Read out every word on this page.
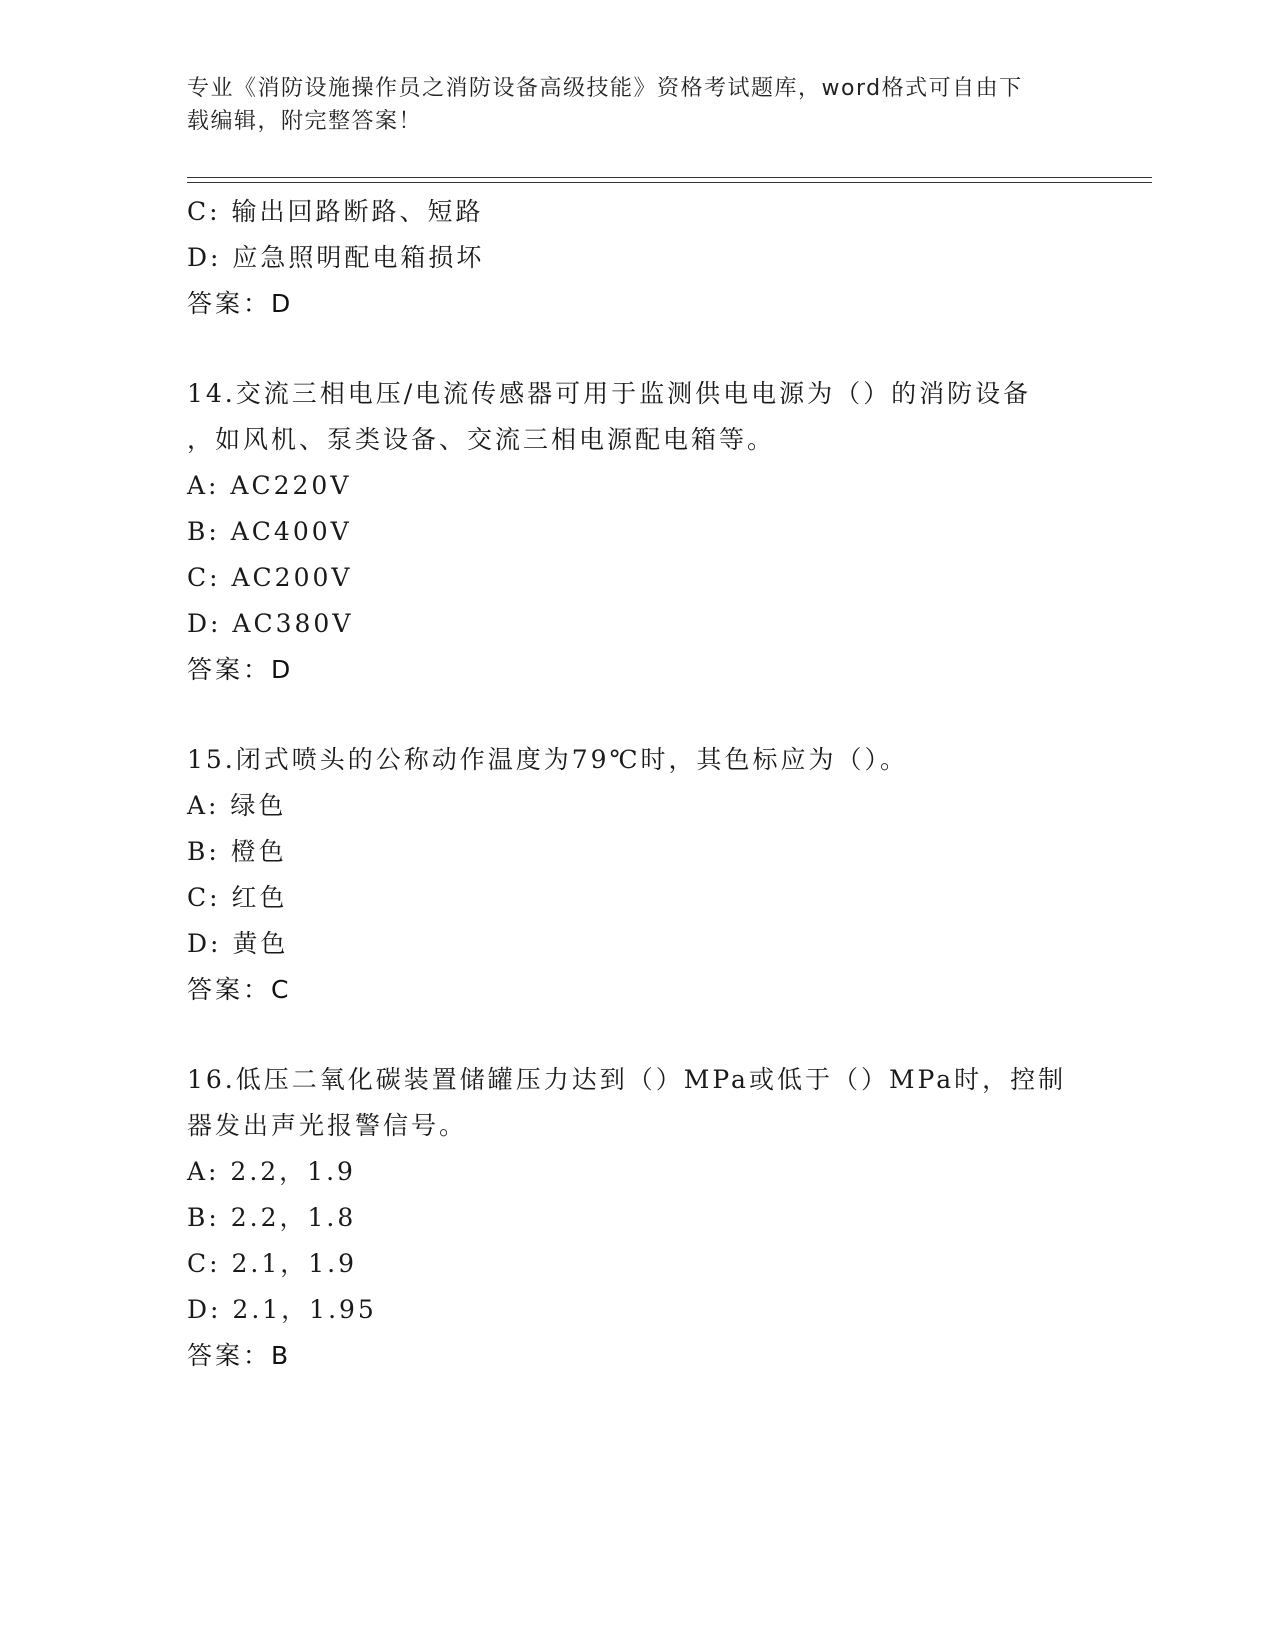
专业《消防设施操作员之消防设备高级技能》资格考试题库，word格式可自由下
载编辑，附完整答案！
C: 输出回路断路、短路
D: 应急照明配电箱损坏
答案：D
14.交流三相电压/电流传感器可用于监测供电电源为（）的消防设备
，如风机、泵类设备、交流三相电源配电箱等。
A: AC220V
B: AC400V
C: AC200V
D: AC380V
答案：D
15.闭式喷头的公称动作温度为79℃时，其色标应为（）。
A: 绿色
B: 橙色
C: 红色
D: 黄色
答案：C
16.低压二氧化碳装置储罐压力达到（）MPa或低于（）MPa时，控制
器发出声光报警信号。
A: 2.2，1.9
B: 2.2，1.8
C: 2.1，1.9
D: 2.1，1.95
答案：B
